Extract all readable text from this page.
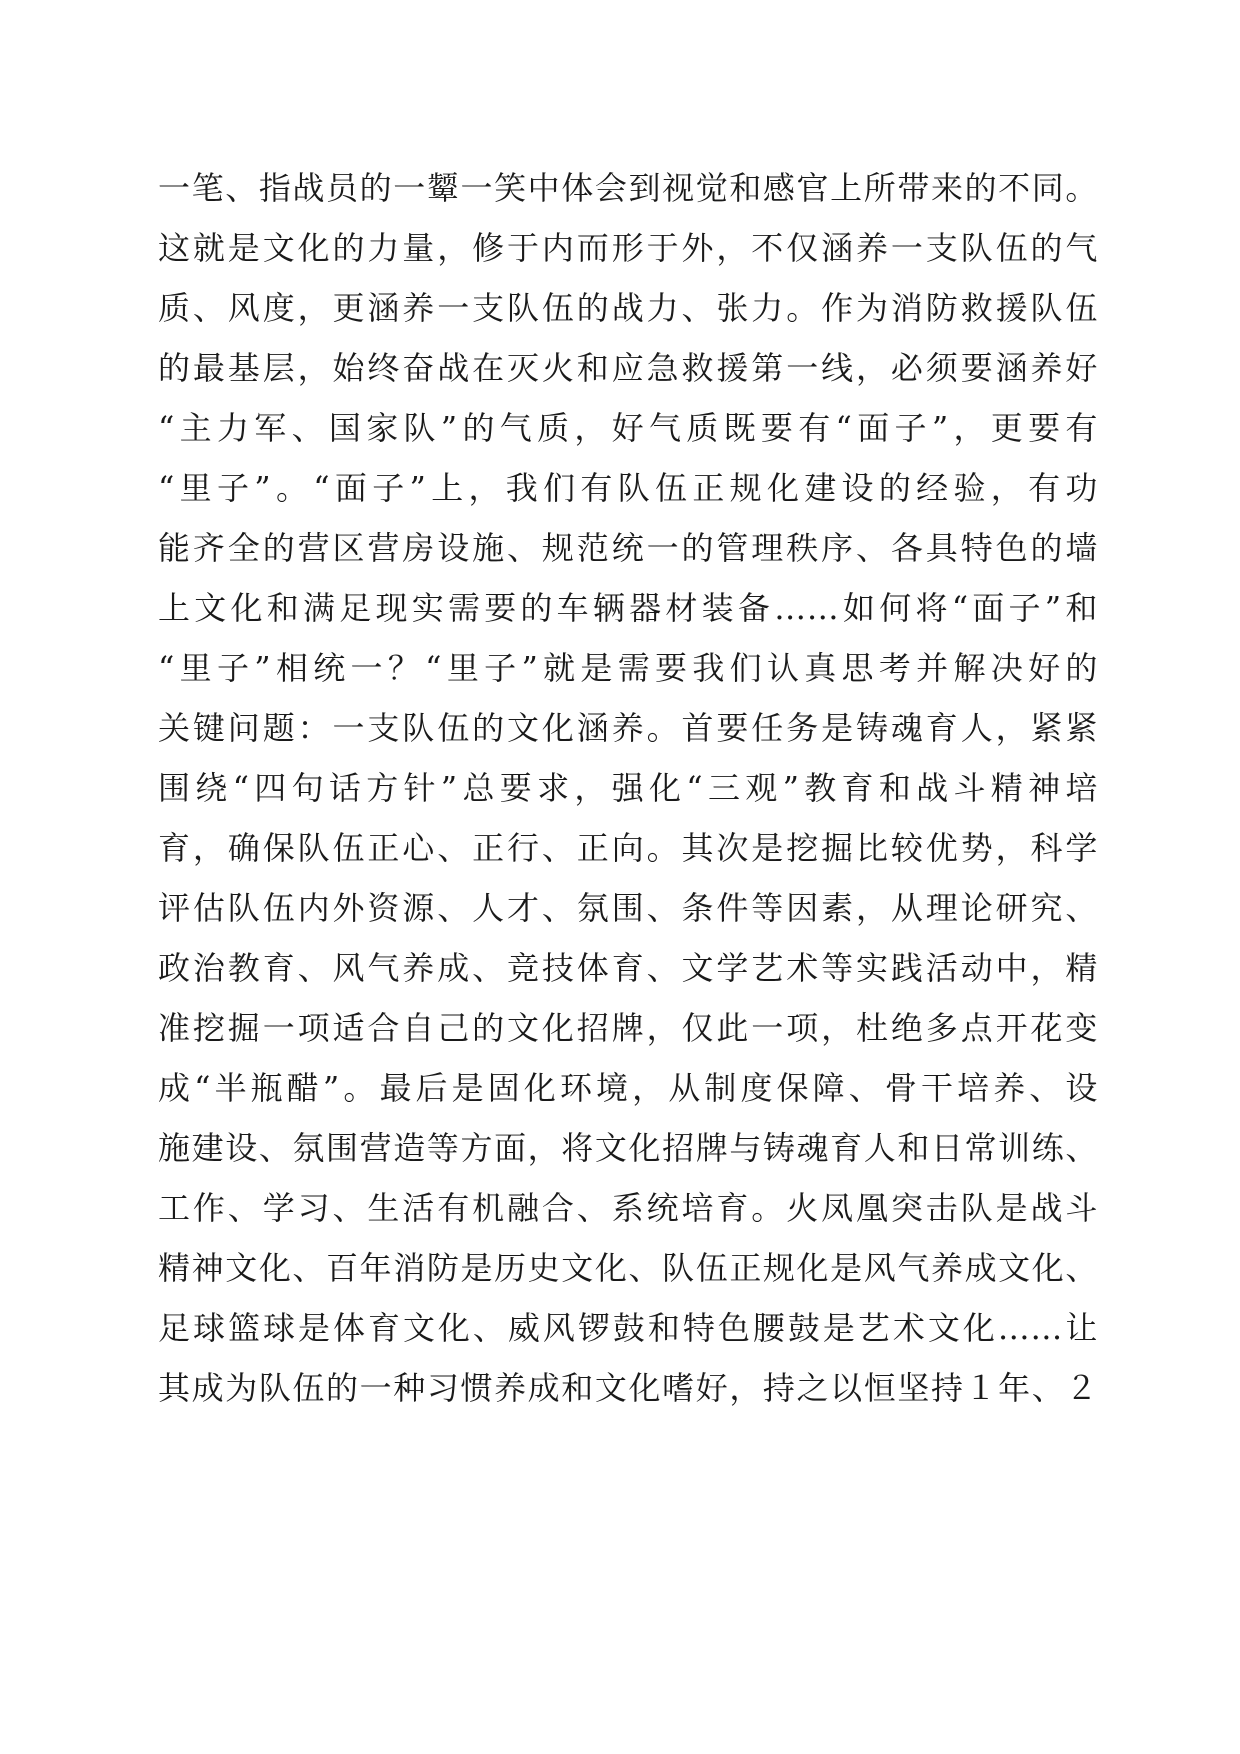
一笔、指战员的一颦一笑中体会到视觉和感官上所带来的不同。
这就是文化的力量，修于内而形于外，不仅涵养一支队伍的气
质、风度，更涵养一支队伍的战力、张力。作为消防救援队伍
的最基层，始终奋战在灭火和应急救援第一线，必须要涵养好
“主力军、国家队”的气质，好气质既要有“面子”，更要有
“里子”。“面子”上，我们有队伍正规化建设的经验，有功
能齐全的营区营房设施、规范统一的管理秩序、各具特色的墙
上文化和满足现实需要的车辆器材装备……如何将“面子”和
“里子”相统一？“里子”就是需要我们认真思考并解决好的
关键问题：一支队伍的文化涵养。首要任务是铸魂育人，紧紧
围绕“四句话方针”总要求，强化“三观”教育和战斗精神培
育，确保队伍正心、正行、正向。其次是挖掘比较优势，科学
评估队伍内外资源、人才、氛围、条件等因素，从理论研究、
政治教育、风气养成、竞技体育、文学艺术等实践活动中，精
准挖掘一项适合自己的文化招牌，仅此一项，杜绝多点开花变
成“半瓶醋”。最后是固化环境，从制度保障、骨干培养、设
施建设、氛围营造等方面，将文化招牌与铸魂育人和日常训练、
工作、学习、生活有机融合、系统培育。火凤凰突击队是战斗
精神文化、百年消防是历史文化、队伍正规化是风气养成文化、
足球篮球是体育文化、威风锣鼓和特色腰鼓是艺术文化……让
其成为队伍的一种习惯养成和文化嗜好，持之以恒坚持１年、２
